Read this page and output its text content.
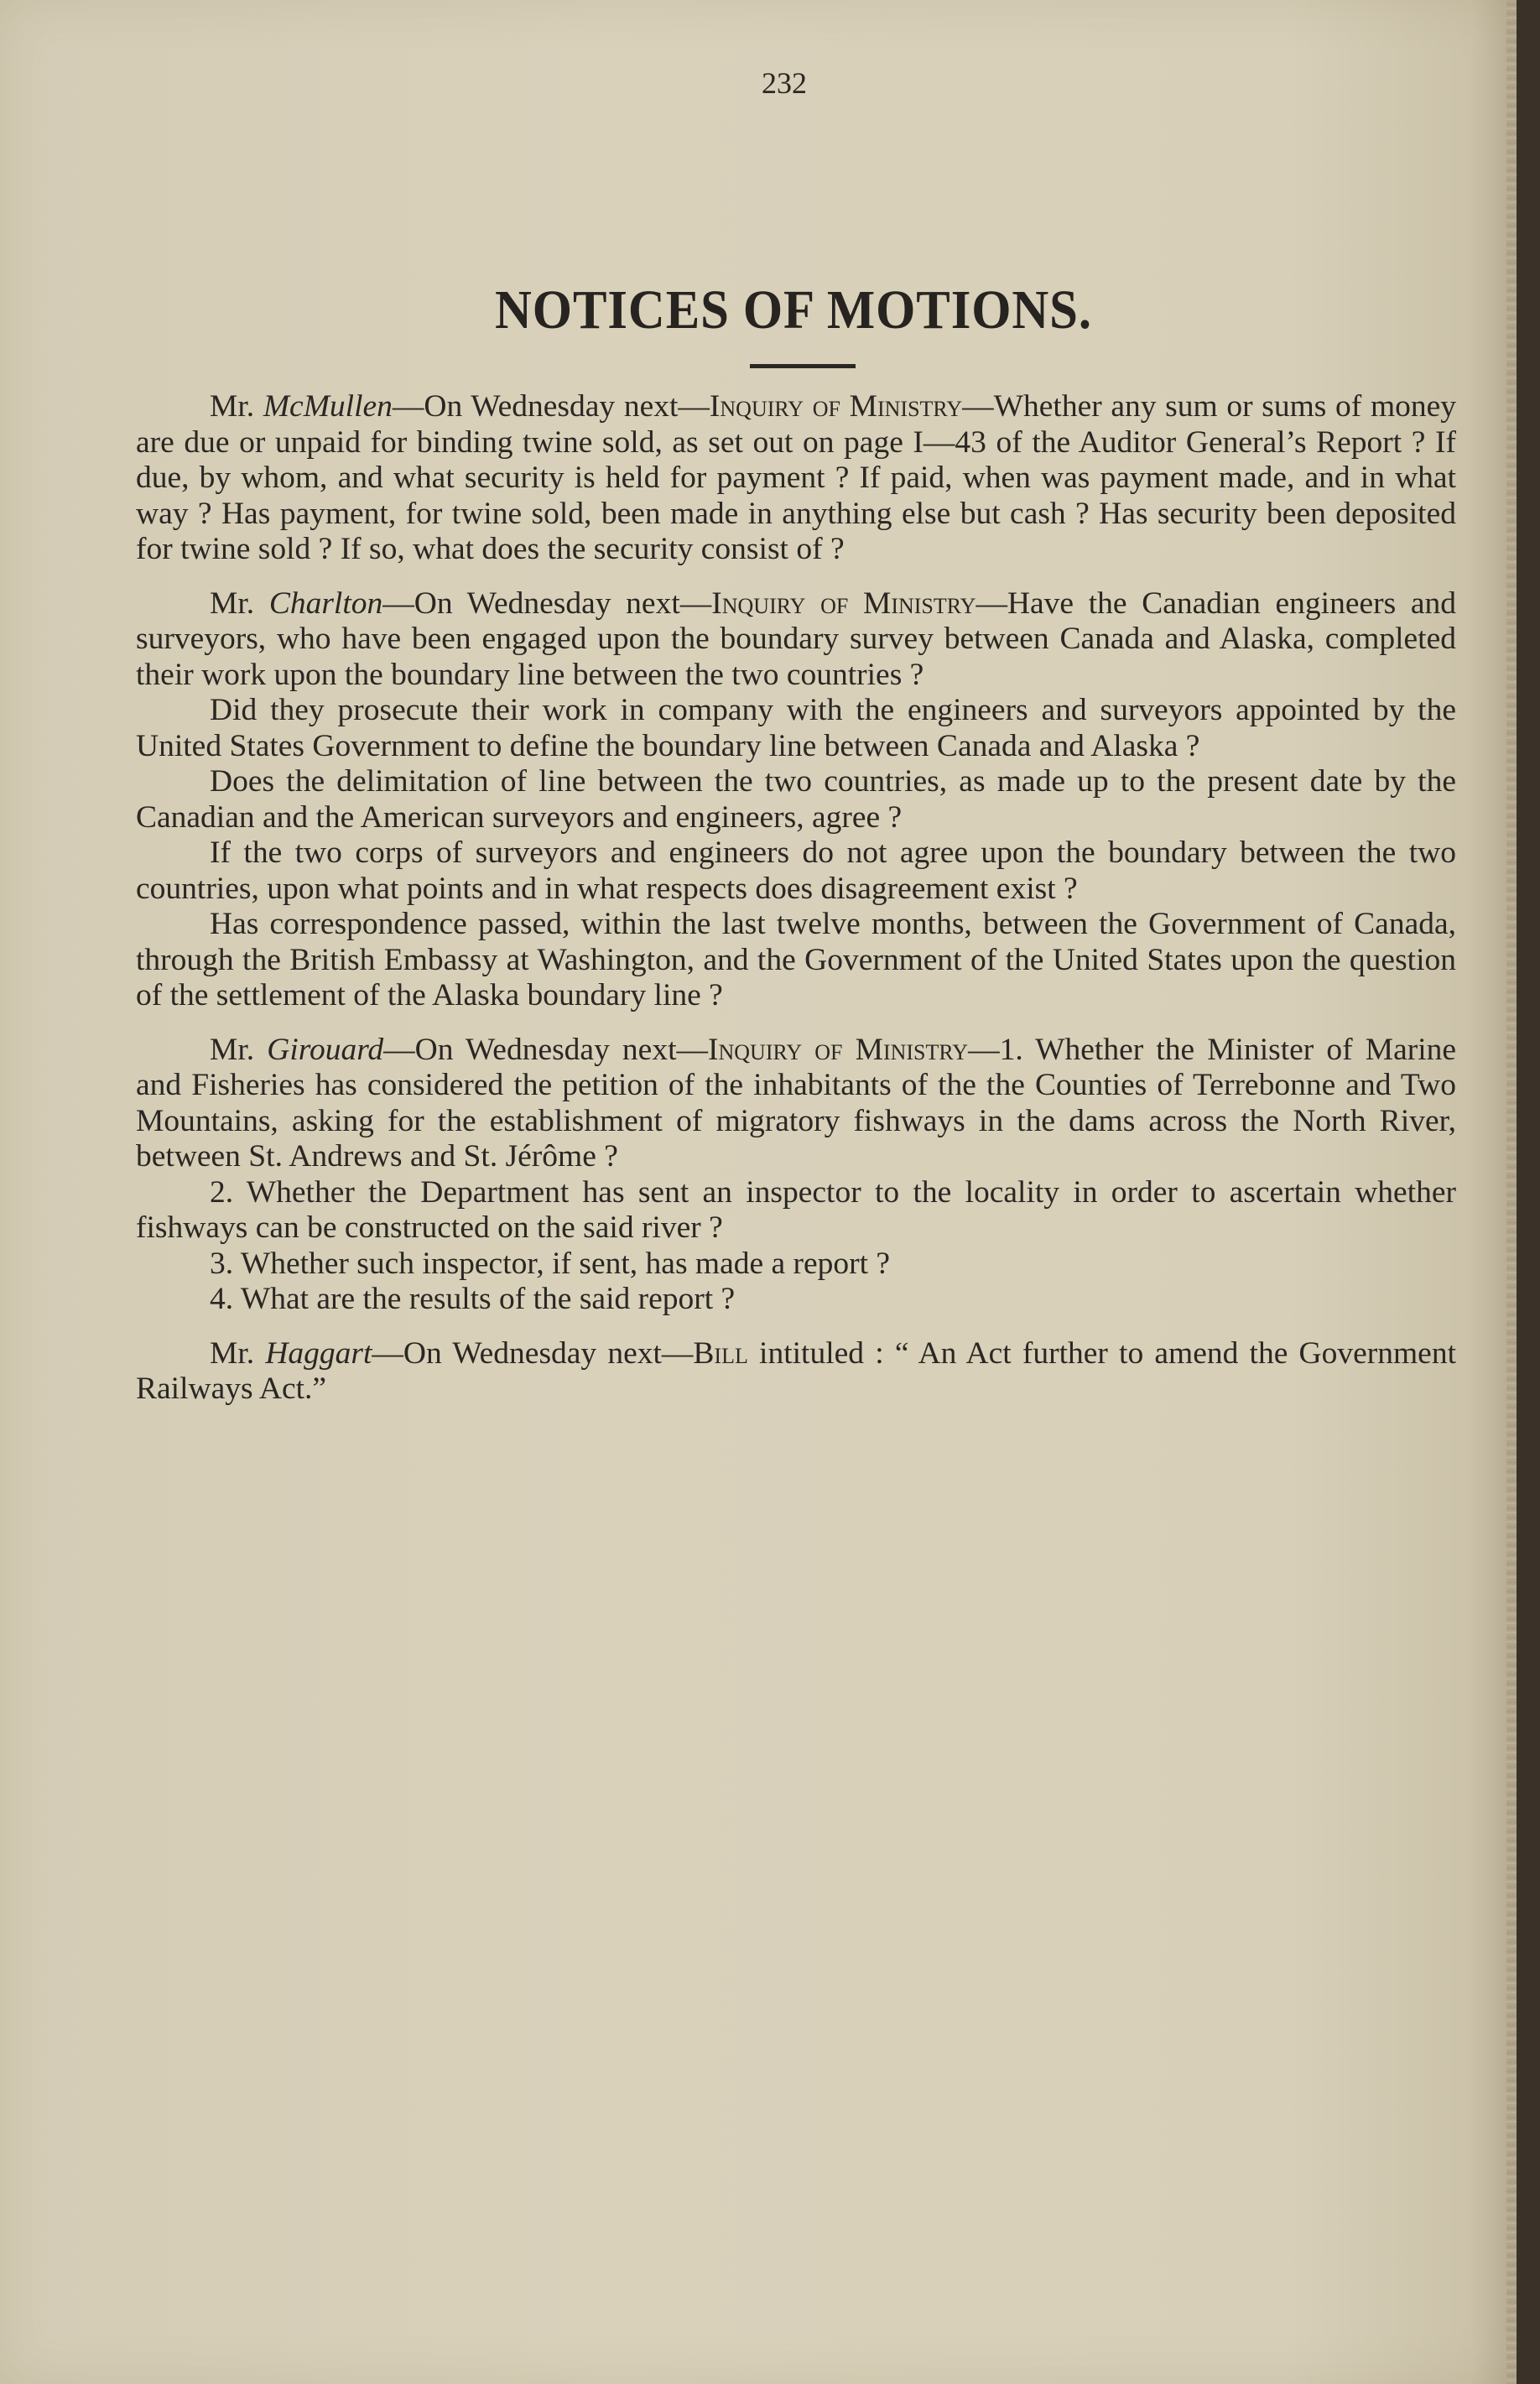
232
NOTICES OF MOTIONS.

Mr. McMullen—On Wednesday next—Inquiry of Ministry—Whether any sum or sums of money are due or unpaid for binding twine sold, as set out on page I—43 of the Auditor General’s Report ? If due, by whom, and what security is held for payment ? If paid, when was payment made, and in what way ? Has payment, for twine sold, been made in anything else but cash ? Has security been deposited for twine sold ? If so, what does the security consist of ?

Mr. Charlton—On Wednesday next—Inquiry of Ministry—Have the Canadian engineers and surveyors, who have been engaged upon the boundary survey between Canada and Alaska, completed their work upon the boundary line between the two countries ?

Did they prosecute their work in company with the engineers and surveyors appointed by the United States Government to define the boundary line between Canada and Alaska ?

Does the delimitation of line between the two countries, as made up to the present date by the Canadian and the American surveyors and engineers, agree ?

If the two corps of surveyors and engineers do not agree upon the boundary between the two countries, upon what points and in what respects does disagreement exist ?

Has correspondence passed, within the last twelve months, between the Government of Canada, through the British Embassy at Washington, and the Government of the United States upon the question of the settlement of the Alaska boundary line ?

Mr. Girouard—On Wednesday next—Inquiry of Ministry—1. Whether the Minister of Marine and Fisheries has considered the petition of the inhabitants of the the Counties of Terrebonne and Two Mountains, asking for the establishment of migratory fishways in the dams across the North River, between St. Andrews and St. Jérôme ?

2. Whether the Department has sent an inspector to the locality in order to ascertain whether fishways can be constructed on the said river ?

3. Whether such inspector, if sent, has made a report ?

4. What are the results of the said report ?

Mr. Haggart—On Wednesday next—Bill intituled : “ An Act further to amend the Government Railways Act.”
